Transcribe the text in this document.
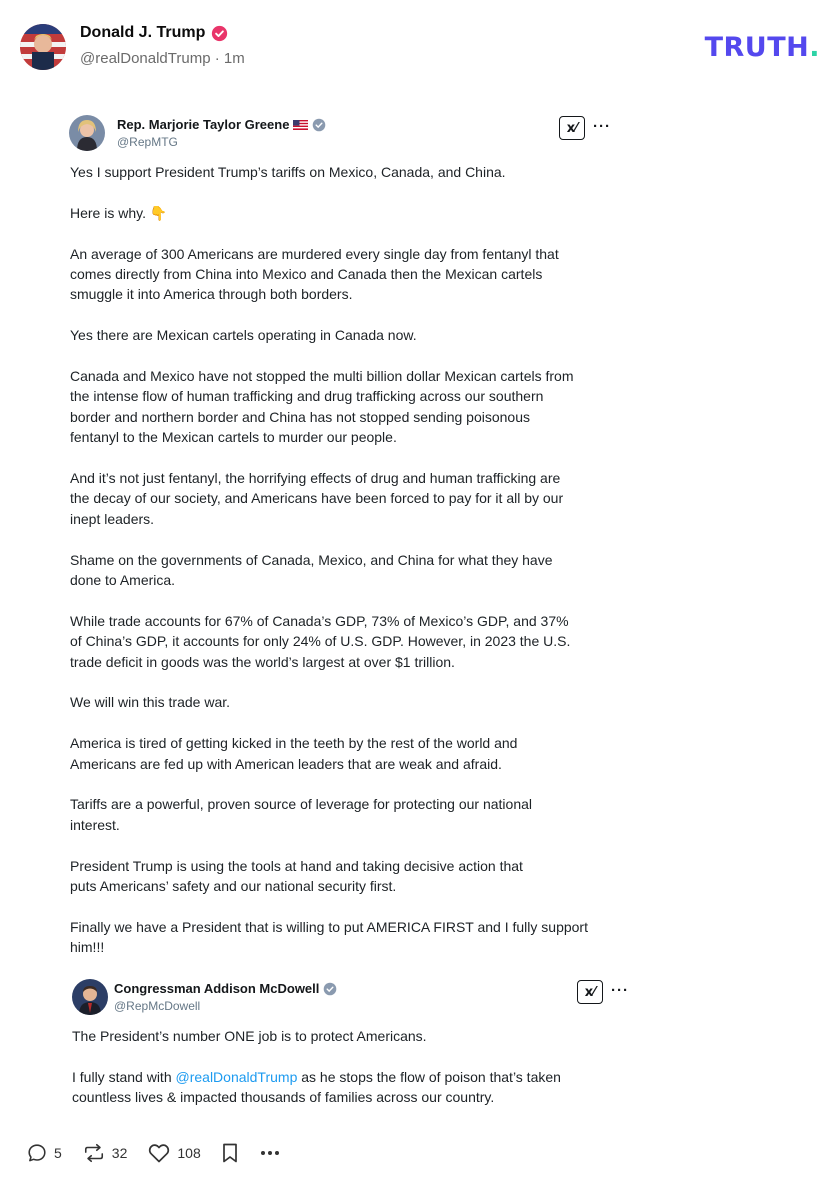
Donald J. Trump
@realDonaldTrump · 1m	TRUTH.
Rep. Marjorie Taylor Greene
@RepMTG
x⁄	···

Yes I support President Trump’s tariffs on Mexico, Canada, and China.

Here is why. 👇

An average of 300 Americans are murdered every single day from fentanyl that
comes directly from China into Mexico and Canada then the Mexican cartels
smuggle it into America through both borders.

Yes there are Mexican cartels operating in Canada now.

Canada and Mexico have not stopped the multi billion dollar Mexican cartels from
the intense flow of human trafficking and drug trafficking across our southern
border and northern border and China has not stopped sending poisonous
fentanyl to the Mexican cartels to murder our people.

And it’s not just fentanyl, the horrifying effects of drug and human trafficking are
the decay of our society, and Americans have been forced to pay for it all by our
inept leaders.

Shame on the governments of Canada, Mexico, and China for what they have
done to America.

While trade accounts for 67% of Canada’s GDP, 73% of Mexico’s GDP, and 37%
of China’s GDP, it accounts for only 24% of U.S. GDP. However, in 2023 the U.S.
trade deficit in goods was the world’s largest at over $1 trillion.

We will win this trade war.

America is tired of getting kicked in the teeth by the rest of the world and
Americans are fed up with American leaders that are weak and afraid.

Tariffs are a powerful, proven source of leverage for protecting our national
interest.

President Trump is using the tools at hand and taking decisive action that
puts Americans’ safety and our national security first.

Finally we have a President that is willing to put AMERICA FIRST and I fully support
him!!!

Congressman Addison McDowell
@RepMcDowell
x⁄	···

The President’s number ONE job is to protect Americans.

I fully stand with @realDonaldTrump as he stops the flow of poison that’s taken
countless lives & impacted thousands of families across our country.

5	32	108
